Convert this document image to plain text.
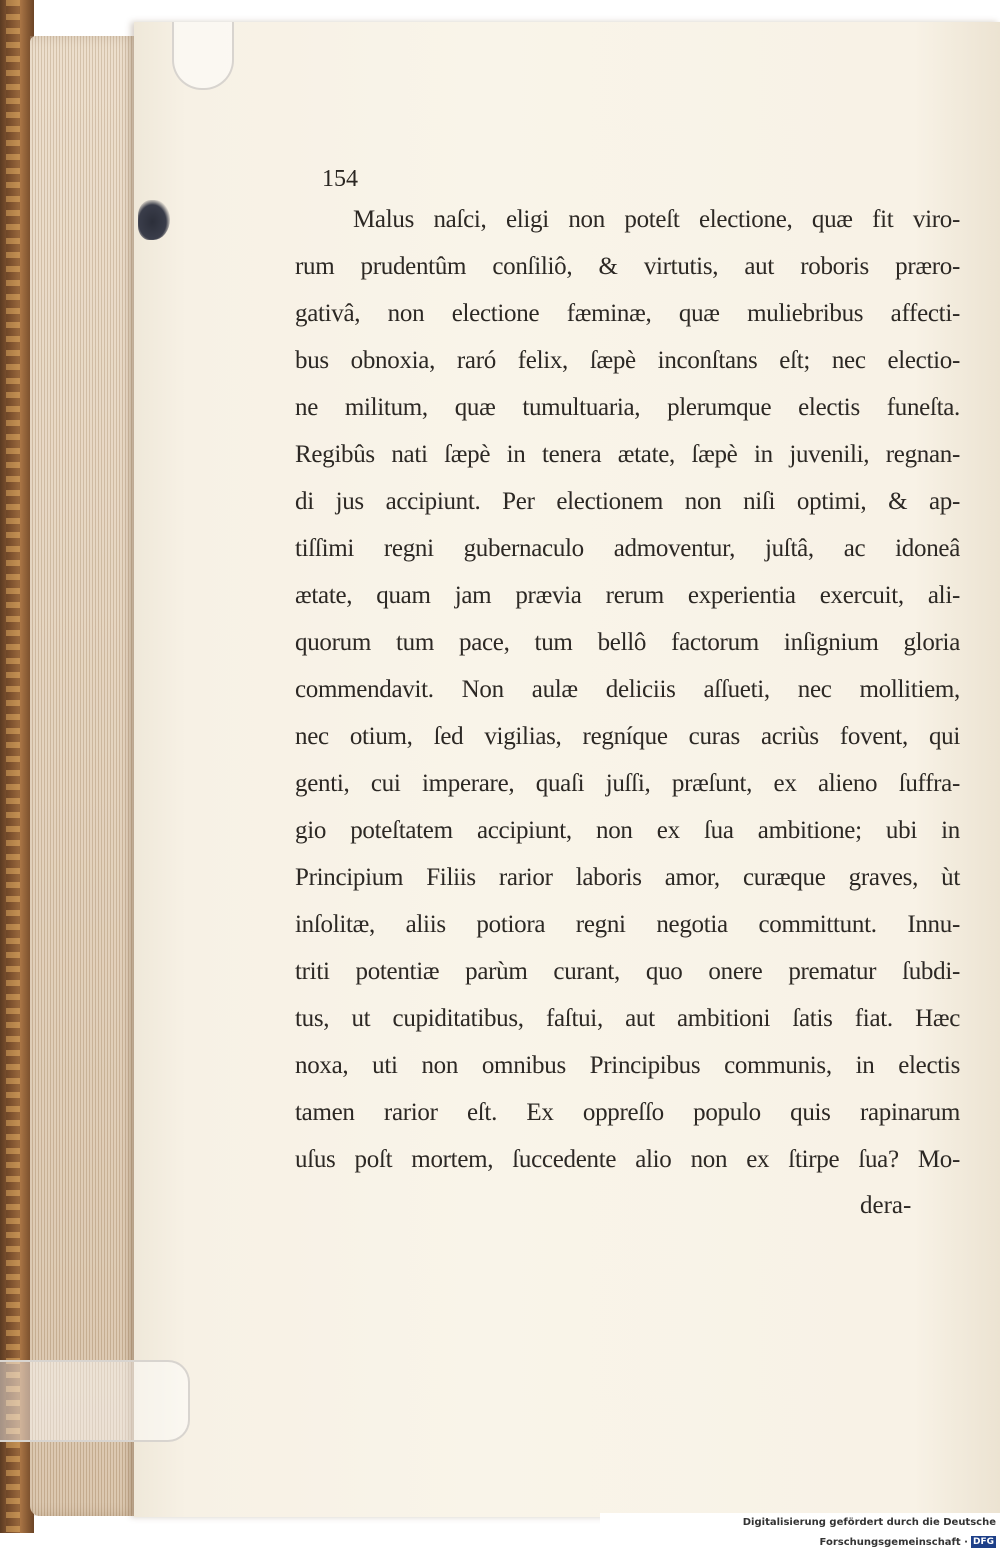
154
Malus naſci, eligi non poteſt electione, quæ fit viro-
rum prudentûm conſiliô, & virtutis, aut roboris præro-
gativâ, non electione fæminæ, quæ muliebribus affecti-
bus obnoxia, raró felix, ſæpè inconſtans eſt; nec electio-
ne militum, quæ tumultuaria, plerumque electis funeſta.
Regibûs nati ſæpè in tenera ætate, ſæpè in juvenili, regnan-
di jus accipiunt. Per electionem non niſi optimi, & ap-
tiſſimi regni gubernaculo admoventur, juſtâ, ac idoneâ
ætate, quam jam prævia rerum experientia exercuit, ali-
quorum tum pace, tum bellô factorum inſignium gloria
commendavit. Non aulæ deliciis aſſueti, nec mollitiem,
nec otium, ſed vigilias, regníque curas acriùs fovent, qui
genti, cui imperare, quaſi juſſi, præſunt, ex alieno ſuffra-
gio poteſtatem accipiunt, non ex ſua ambitione; ubi in
Principium Filiis rarior laboris amor, curæque graves, ùt
inſolitæ, aliis potiora regni negotia committunt. Innu-
triti potentiæ parùm curant, quo onere prematur ſubdi-
tus, ut cupiditatibus, faſtui, aut ambitioni ſatis fiat. Hæc
noxa, uti non omnibus Principibus communis, in electis
tamen rarior eſt. Ex oppreſſo populo quis rapinarum
uſus poſt mortem, ſuccedente alio non ex ſtirpe ſua? Mo-
dera-
Digitalisierung gefördert durch die Deutsche Forschungsgemeinschaft · DFG
